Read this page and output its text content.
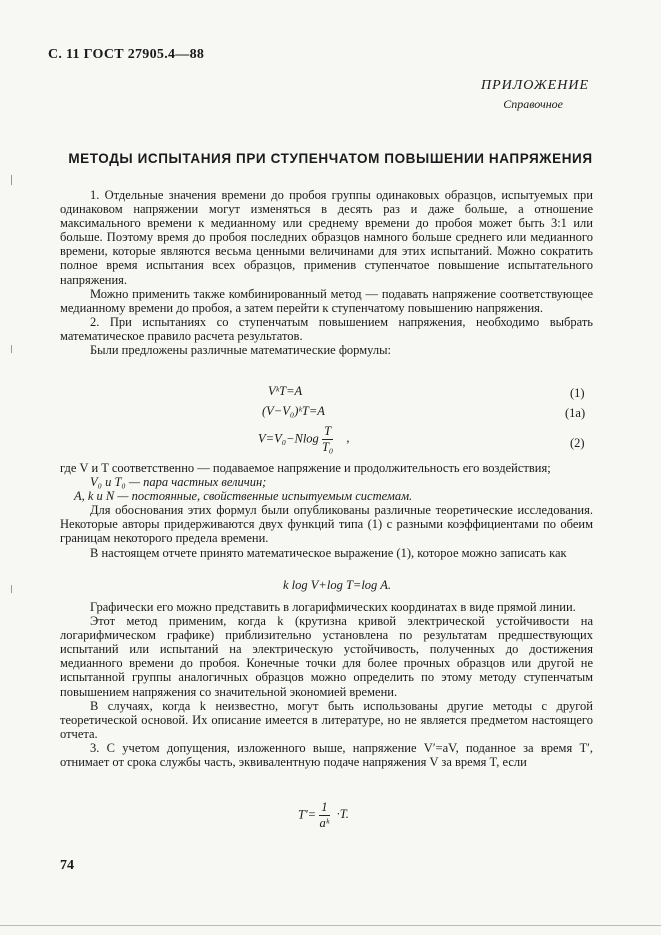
С. 11 ГОСТ 27905.4—88
ПРИЛОЖЕНИЕ
Справочное
МЕТОДЫ ИСПЫТАНИЯ ПРИ СТУПЕНЧАТОМ ПОВЫШЕНИИ НАПРЯЖЕНИЯ

1. Отдельные значения времени до пробоя группы одинаковых образцов, испытуемых при одинаковом напряжении могут изменяться в десять раз и даже больше, а отношение максимального времени к медианному или среднему времени до пробоя может быть 3:1 или больше. Поэтому время до пробоя последних образцов намного больше среднего или медианного времени, которые являются весьма ценными величинами для этих испытаний. Можно сократить полное время испытания всех образцов, применив ступенчатое повышение испытательного напряжения.

Можно применить также комбинированный метод — подавать напряжение соответствующее медианному времени до пробоя, а затем перейти к ступенчатому повышению напряжения.

2. При испытаниях со ступенчатым повышением напряжения, необходимо выбрать математическое правило расчета результатов.

Были предложены различные математические формулы:

VᵏT=A	(1)
(V−V₀)ᵏT=A	(1а)
$V=V_0-Nlog \frac{T}{\text{T₀}}$ ,	(2)

где V и T соответственно — подаваемое напряжение и продолжительность его воздействия;

V₀ и T₀ — пара частных величин;

A, k и N — постоянные, свойственные испытуемым системам.

Для обоснования этих формул были опубликованы различные теоретические исследования. Некоторые авторы придерживаются двух функций типа (1) с разными коэффициентами по обеим границам некоторого предела времени.

В настоящем отчете принято математическое выражение (1), которое можно записать как

k log V+log T=log A.

Графически его можно представить в логарифмических координатах в виде прямой линии.

Этот метод применим, когда k (крутизна кривой электрической устойчивости на логарифмическом графике) приблизительно установлена по результатам предшествующих испытаний или испытаний на электрическую устойчивость, полученных до достижения медианного времени до пробоя. Конечные точки для более прочных образцов или другой не испытанной группы аналогичных образцов можно определить по этому методу ступенчатым повышением напряжения со значительной экономией времени.

В случаях, когда k неизвестно, могут быть использованы другие методы с другой теоретической основой. Их описание имеется в литературе, но не является предметом настоящего отчета.

3. С учетом допущения, изложенного выше, напряжение V′=aV, поданное за время T′, отнимает от срока службы часть, эквивалентную подаче напряжения V за время T, если

$T'= \frac{1}{\text{aᵏ}} \cdot T$.
74
